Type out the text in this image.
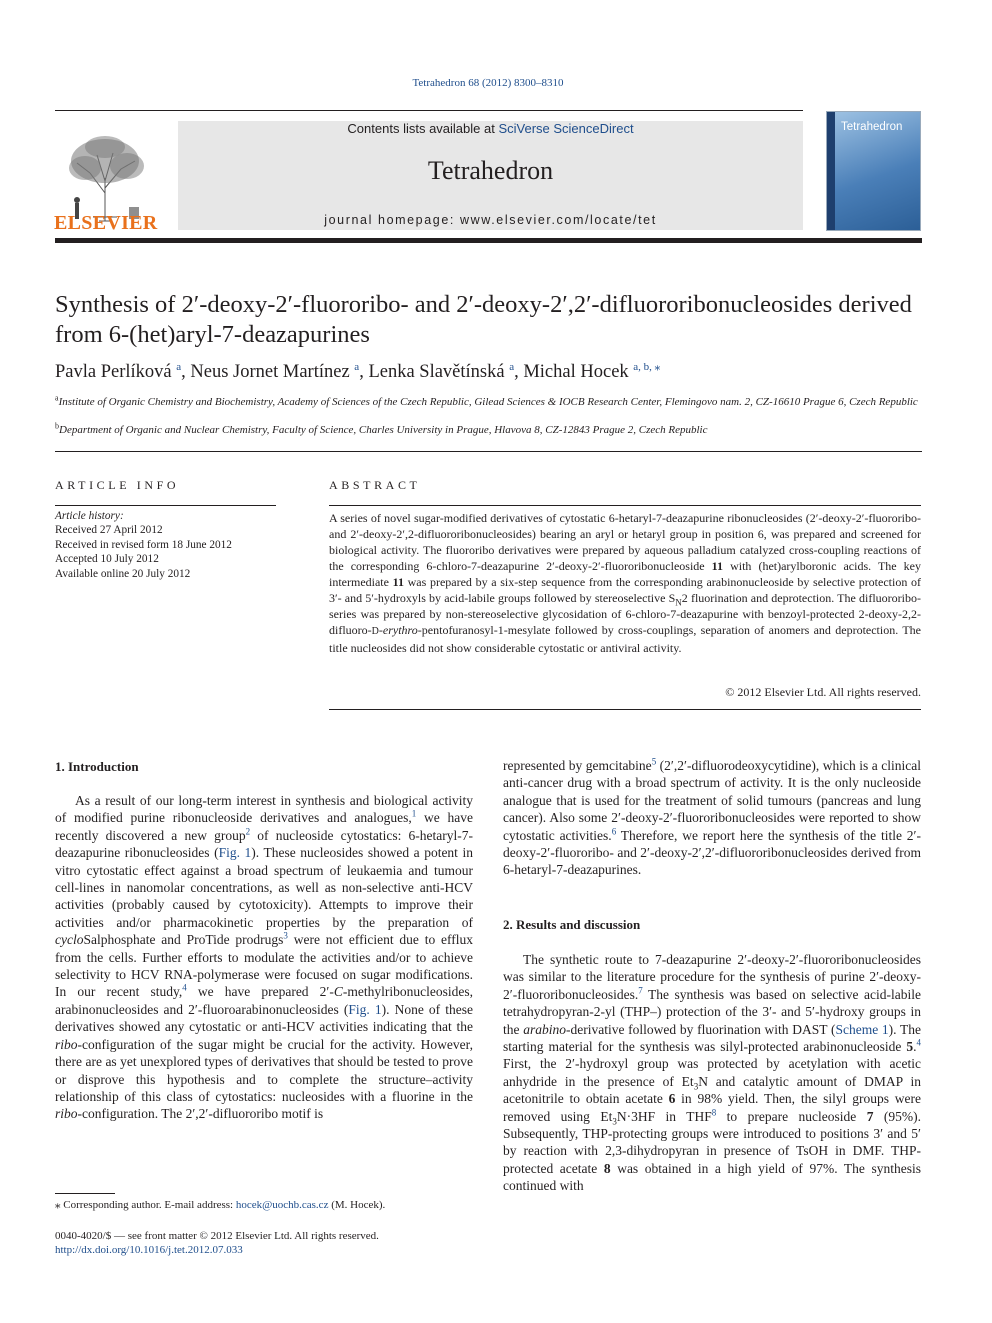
Tetrahedron 68 (2012) 8300–8310
ELSEVIER
Contents lists available at SciVerse ScienceDirect
Tetrahedron
journal homepage: www.elsevier.com/locate/tet
Tetrahedron
Synthesis of 2′-deoxy-2′-fluororibo- and 2′-deoxy-2′,2′-difluororibonucleosides derived from 6-(het)aryl-7-deazapurines
Pavla Perlíková $^a$, Neus Jornet Martínez $^a$, Lenka Slavětínská $^a$, Michal Hocek $^{a, b, ⁎}$
$^a$Institute of Organic Chemistry and Biochemistry, Academy of Sciences of the Czech Republic, Gilead Sciences & IOCB Research Center, Flemingovo nam. 2, CZ-16610 Prague 6, Czech Republic
$^b$Department of Organic and Nuclear Chemistry, Faculty of Science, Charles University in Prague, Hlavova 8, CZ-12843 Prague 2, Czech Republic
ARTICLE INFO	ABSTRACT
Article history:
Received 27 April 2012
Received in revised form 18 June 2012
Accepted 10 July 2012
Available online 20 July 2012
A series of novel sugar-modified derivatives of cytostatic 6-hetaryl-7-deazapurine ribonucleosides (2′-deoxy-2′-fluororibo- and 2′-deoxy-2′,2-difluororibonucleosides) bearing an aryl or hetaryl group in position 6, was prepared and screened for biological activity. The fluororibo derivatives were prepared by aqueous palladium catalyzed cross-coupling reactions of the corresponding 6-chloro-7-deazapurine 2′-deoxy-2′-fluororibonucleoside 11 with (het)arylboronic acids. The key intermediate 11 was prepared by a six-step sequence from the corresponding arabinonucleoside by selective protection of 3′- and 5′-hydroxyls by acid-labile groups followed by stereoselective $S_N2$ fluorination and deprotection. The difluororibo-series was prepared by non-stereoselective glycosidation of 6-chloro-7-deazapurine with benzoyl-protected 2-deoxy-2,2-difluoro-D-erythro-pentofuranosyl-1-mesylate followed by cross-couplings, separation of anomers and deprotection. The title nucleosides did not show considerable cytostatic or antiviral activity.
© 2012 Elsevier Ltd. All rights reserved.
1. Introduction
As a result of our long-term interest in synthesis and biological activity of modified purine ribonucleoside derivatives and analogues,$^1$ we have recently discovered a new group$^2$ of nucleoside cytostatics: 6-hetaryl-7-deazapurine ribonucleosides (Fig. 1). These nucleosides showed a potent in vitro cytostatic effect against a broad spectrum of leukaemia and tumour cell-lines in nanomolar concentrations, as well as non-selective anti-HCV activities (probably caused by cytotoxicity). Attempts to improve their activities and/or pharmacokinetic properties by the preparation of cycloSalphosphate and ProTide prodrugs$^3$ were not efficient due to efflux from the cells. Further efforts to modulate the activities and/or to achieve selectivity to HCV RNA-polymerase were focused on sugar modifications. In our recent study,$^4$ we have prepared 2′-C-methylribonucleosides, arabinonucleosides and 2′-fluoroarabinonucleosides (Fig. 1). None of these derivatives showed any cytostatic or anti-HCV activities indicating that the ribo-configuration of the sugar might be crucial for the activity. However, there are as yet unexplored types of derivatives that should be tested to prove or disprove this hypothesis and to complete the structure–activity relationship of this class of cytostatics: nucleosides with a fluorine in the ribo-configuration. The 2′,2′-difluororibo motif is
represented by gemcitabine$^5$ (2′,2′-difluorodeoxycytidine), which is a clinical anti-cancer drug with a broad spectrum of activity. It is the only nucleoside analogue that is used for the treatment of solid tumours (pancreas and lung cancer). Also some 2′-deoxy-2′-fluororibonucleosides were reported to show cytostatic activities.$^6$ Therefore, we report here the synthesis of the title 2′-deoxy-2′-fluororibo- and 2′-deoxy-2′,2′-difluororibonucleosides derived from 6-hetaryl-7-deazapurines.
2. Results and discussion
The synthetic route to 7-deazapurine 2′-deoxy-2′-fluororibonucleosides was similar to the literature procedure for the synthesis of purine 2′-deoxy-2′-fluororibonucleosides.$^7$ The synthesis was based on selective acid-labile tetrahydropyran-2-yl (THP–) protection of the 3′- and 5′-hydroxy groups in the arabino-derivative followed by fluorination with DAST (Scheme 1). The starting material for the synthesis was silyl-protected arabinonucleoside 5.$^4$ First, the 2′-hydroxyl group was protected by acetylation with acetic anhydride in the presence of $Et_3N$ and catalytic amount of DMAP in acetonitrile to obtain acetate 6 in 98% yield. Then, the silyl groups were removed using $Et_3N\cdot 3HF$ in THF$^8$ to prepare nucleoside 7 (95%). Subsequently, THP-protecting groups were introduced to positions 3′ and 5′ by reaction with 2,3-dihydropyran in presence of TsOH in DMF. THP-protected acetate 8 was obtained in a high yield of 97%. The synthesis continued with
⁎ Corresponding author. E-mail address: hocek@uochb.cas.cz (M. Hocek).
0040-4020/$ — see front matter © 2012 Elsevier Ltd. All rights reserved.
http://dx.doi.org/10.1016/j.tet.2012.07.033
